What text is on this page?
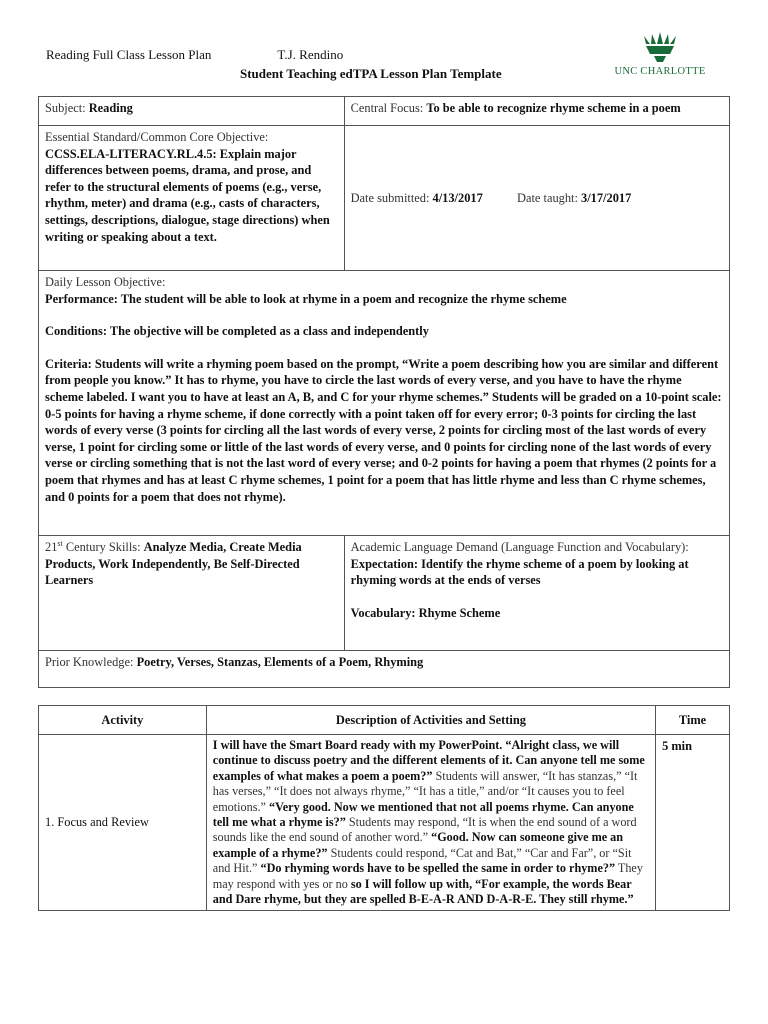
Reading Full Class Lesson Plan	T.J. Rendino
Student Teaching edTPA Lesson Plan Template	UNC CHARLOTTE
Subject: Reading	Central Focus: To be able to recognize rhyme scheme in a poem

Essential Standard/Common Core Objective:
CCSS.ELA-LITERACY.RL.4.5: Explain major differences between poems, drama, and prose, and refer to the structural elements of poems (e.g., verse, rhythm, meter) and drama (e.g., casts of characters, settings, descriptions, dialogue, stage directions) when writing or speaking about a text.	Date submitted: 4/13/2017 Date taught: 3/17/2017

Daily Lesson Objective:
Performance: The student will be able to look at rhyme in a poem and recognize the rhyme scheme
Conditions: The objective will be completed as a class and independently
Criteria: Students will write a rhyming poem based on the prompt, “Write a poem describing how you are similar and different from people you know.” It has to rhyme, you have to circle the last words of every verse, and you have to have the rhyme scheme labeled. I want you to have at least an A, B, and C for your rhyme schemes.” Students will be graded on a 10-point scale: 0-5 points for having a rhyme scheme, if done correctly with a point taken off for every error; 0-3 points for circling the last words of every verse (3 points for circling all the last words of every verse, 2 points for circling most of the last words of every verse, 1 point for circling some or little of the last words of every verse, and 0 points for circling none of the last words of every verse or circling something that is not the last word of every verse; and 0-2 points for having a poem that rhymes (2 points for a poem that rhymes and has at least C rhyme schemes, 1 point for a poem that has little rhyme and less than C rhyme schemes, and 0 points for a poem that does not rhyme).	

21st Century Skills: Analyze Media, Create Media Products, Work Independently, Be Self-Directed Learners	Academic Language Demand (Language Function and Vocabulary):
Expectation: Identify the rhyme scheme of a poem by looking at rhyming words at the ends of verses
Vocabulary: Rhyme Scheme

Prior Knowledge: Poetry, Verses, Stanzas, Elements of a Poem, Rhyming	
Activity	Description of Activities and Setting	Time
1. Focus and Review	I will have the Smart Board ready with my PowerPoint. “Alright class, we will continue to discuss poetry and the different elements of it. Can anyone tell me some examples of what makes a poem a poem?” Students will answer, “It has stanzas,” “It has verses,” “It does not always rhyme,” “It has a title,” and/or “It causes you to feel emotions.” “Very good. Now we mentioned that not all poems rhyme. Can anyone tell me what a rhyme is?” Students may respond, “It is when the end sound of a word sounds like the end sound of another word.” “Good. Now can someone give me an example of a rhyme?” Students could respond, “Cat and Bat,” “Car and Far”, or “Sit and Hit.” “Do rhyming words have to be spelled the same in order to rhyme?” They may respond with yes or no so I will follow up with, “For example, the words Bear and Dare rhyme, but they are spelled B-E-A-R AND D-A-R-E. They still rhyme.”	5 min
